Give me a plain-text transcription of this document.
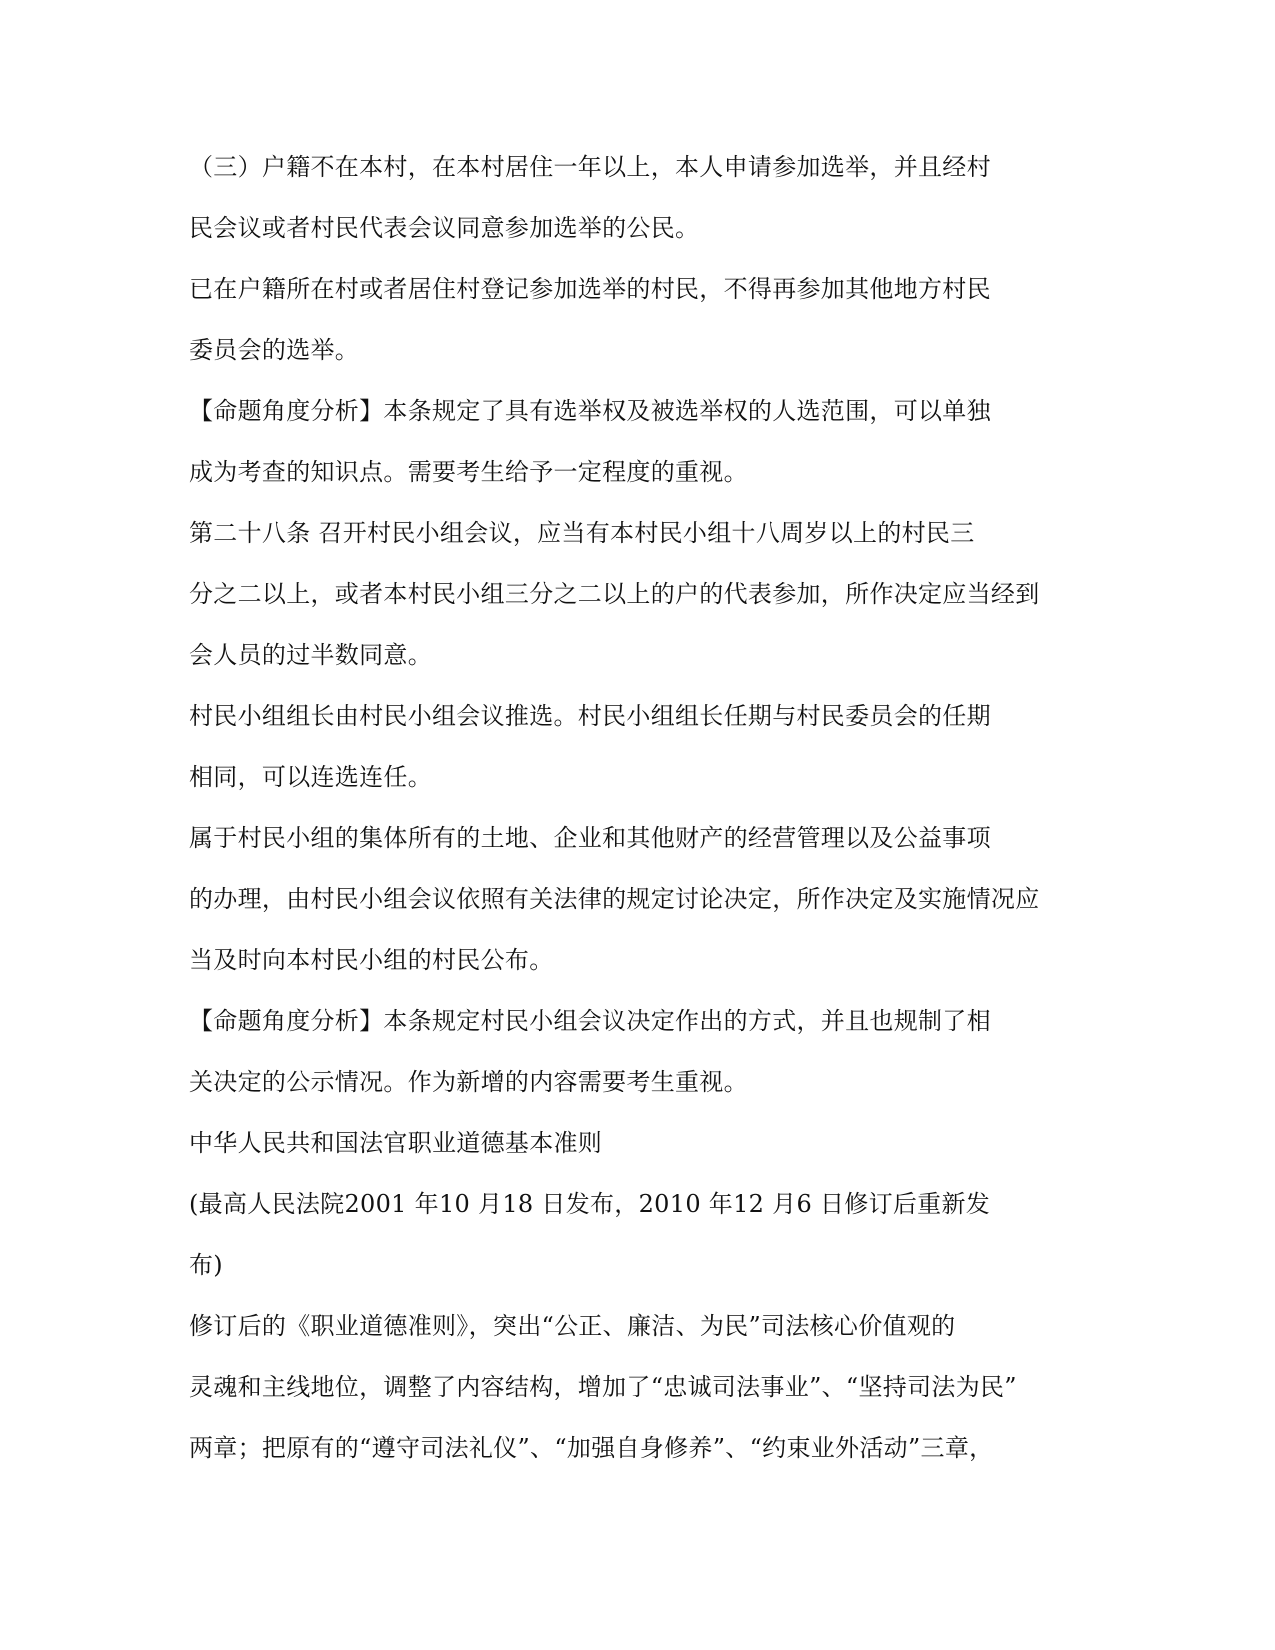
（三）户籍不在本村，在本村居住一年以上，本人申请参加选举，并且经村
民会议或者村民代表会议同意参加选举的公民。
已在户籍所在村或者居住村登记参加选举的村民，不得再参加其他地方村民
委员会的选举。
【命题角度分析】本条规定了具有选举权及被选举权的人选范围，可以单独
成为考查的知识点。需要考生给予一定程度的重视。
第二十八条 召开村民小组会议，应当有本村民小组十八周岁以上的村民三
分之二以上，或者本村民小组三分之二以上的户的代表参加，所作决定应当经到
会人员的过半数同意。
村民小组组长由村民小组会议推选。村民小组组长任期与村民委员会的任期
相同，可以连选连任。
属于村民小组的集体所有的土地、企业和其他财产的经营管理以及公益事项
的办理，由村民小组会议依照有关法律的规定讨论决定，所作决定及实施情况应
当及时向本村民小组的村民公布。
【命题角度分析】本条规定村民小组会议决定作出的方式，并且也规制了相
关决定的公示情况。作为新增的内容需要考生重视。
中华人民共和国法官职业道德基本准则
(最高人民法院2001 年10 月18 日发布，2010 年12 月6 日修订后重新发
布)
修订后的《职业道德准则》，突出“公正、廉洁、为民”司法核心价值观的
灵魂和主线地位，调整了内容结构，增加了“忠诚司法事业”、“坚持司法为民”
两章；把原有的“遵守司法礼仪”、“加强自身修养”、“约束业外活动”三章，
